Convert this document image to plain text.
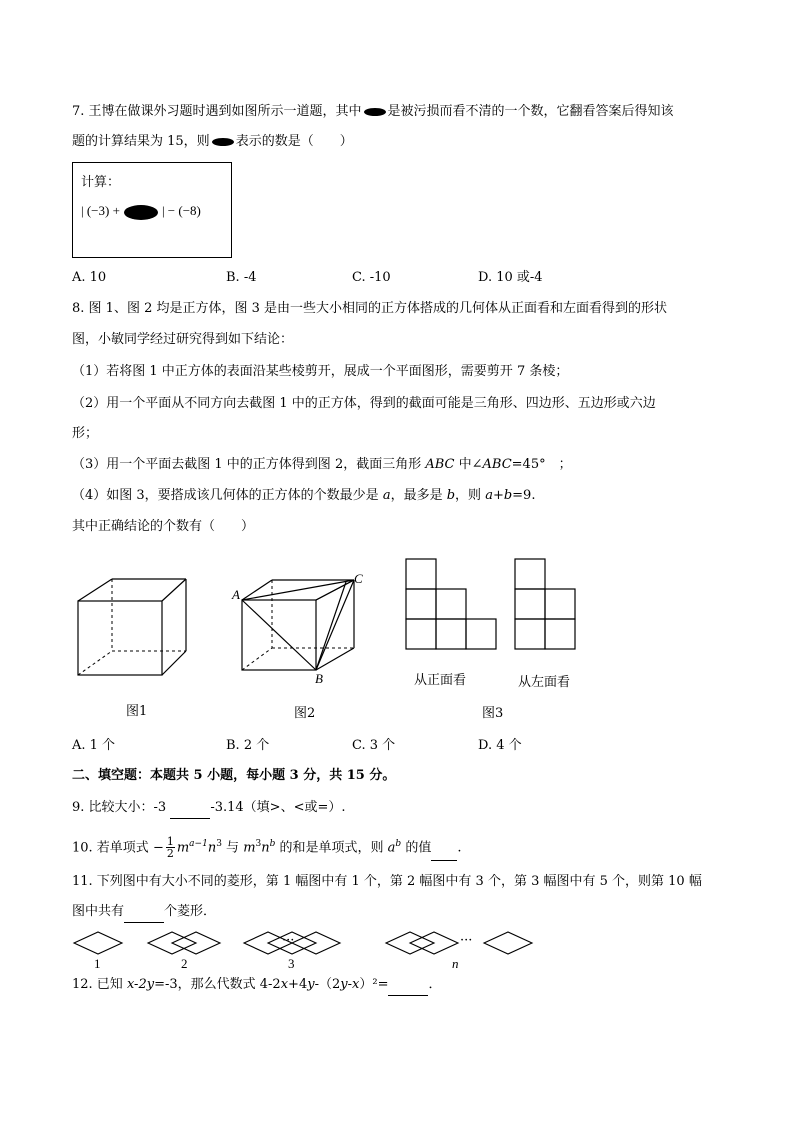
7. 王博在做课外习题时遇到如图所示一道题，其中 是被污损而看不清的一个数，它翻看答案后得知该
题的计算结果为 15，则 表示的数是（　　）
计算：
| (−3) +	| − (−8)
A. 10	B. -4	C. -10	D. 10 或-4
8. 图 1、图 2 均是正方体，图 3 是由一些大小相同的正方体搭成的几何体从正面看和左面看得到的形状
图，小敏同学经过研究得到如下结论：
（1）若将图 1 中正方体的表面沿某些棱剪开，展成一个平面图形，需要剪开 7 条棱；
（2）用一个平面从不同方向去截图 1 中的正方体，得到的截面可能是三角形、四边形、五边形或六边
形；
（3）用一个平面去截图 1 中的正方体得到图 2，截面三角形 ABC 中∠ABC=45°　；
（4）如图 3，要搭成该几何体的正方体的个数最少是 a，最多是 b，则 a+b=9.
其中正确结论的个数有（　　）
图1
A
B
C
图2
从正面看	从左面看
图3
A. 1 个	B. 2 个	C. 3 个	D. 4 个
二、填空题：本题共 5 小题，每小题 3 分，共 15 分。
9. 比较大小：-3	-3.14（填>、<或=）.
10. 若单项式 − $\frac{1}{2} m^{a-1}n^3$ 与 $m^3n^b$ 的和是单项式，则 $a^b$ 的值 .
11. 下列图中有大小不同的菱形，第 1 幅图中有 1 个，第 2 幅图中有 3 个，第 3 幅图中有 5 个，则第 10 幅
图中共有	个菱形．
···	···
1	2	3	n
12. 已知 x-2y=-3，那么代数式 4-2x+4y-（2y-x）²=	．
